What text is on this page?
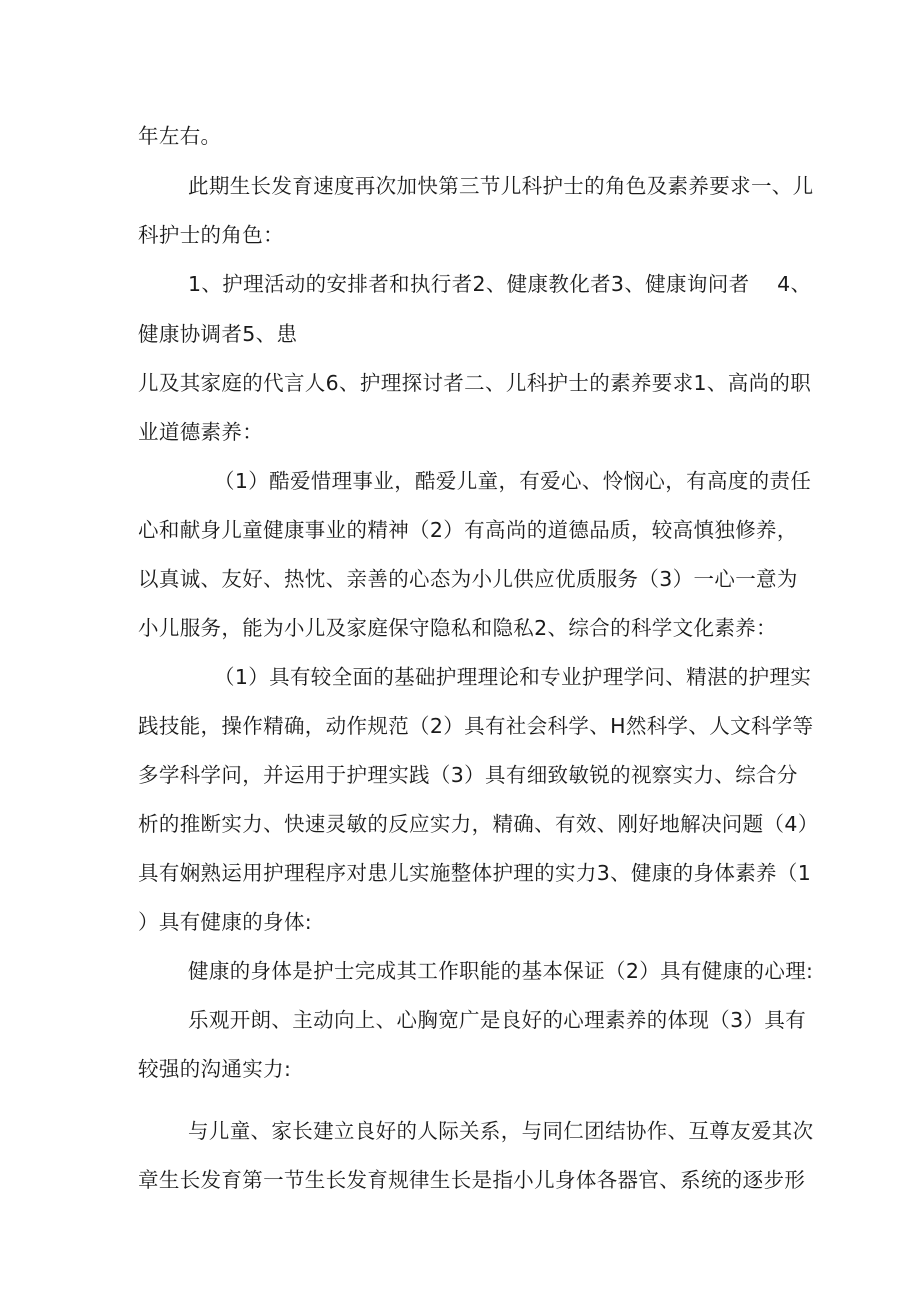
年左右。
此期生长发育速度再次加快第三节儿科护士的角色及素养要求一、儿
科护士的角色：
1、护理活动的安排者和执行者2、健康教化者3、健康询问者　 4、
健康协调者5、患
儿及其家庭的代言人6、护理探讨者二、儿科护士的素养要求1、高尚的职
业道德素养：
（1）酷爱惜理事业，酷爱儿童，有爱心、怜悯心，有高度的责任
心和献身儿童健康事业的精神（2）有高尚的道德品质，较高慎独修养，
以真诚、友好、热忱、亲善的心态为小儿供应优质服务（3）一心一意为
小儿服务，能为小儿及家庭保守隐私和隐私2、综合的科学文化素养：
（1）具有较全面的基础护理理论和专业护理学问、精湛的护理实
践技能，操作精确，动作规范（2）具有社会科学、H然科学、人文科学等
多学科学问，并运用于护理实践（3）具有细致敏锐的视察实力、综合分
析的推断实力、快速灵敏的反应实力，精确、有效、刚好地解决问题（4）
具有娴熟运用护理程序对患儿实施整体护理的实力3、健康的身体素养（1
）具有健康的身体:
健康的身体是护士完成其工作职能的基本保证（2）具有健康的心理:
乐观开朗、主动向上、心胸宽广是良好的心理素养的体现（3）具有
较强的沟通实力:
与儿童、家长建立良好的人际关系，与同仁团结协作、互尊友爱其次
章生长发育第一节生长发育规律生长是指小儿身体各器官、系统的逐步形
